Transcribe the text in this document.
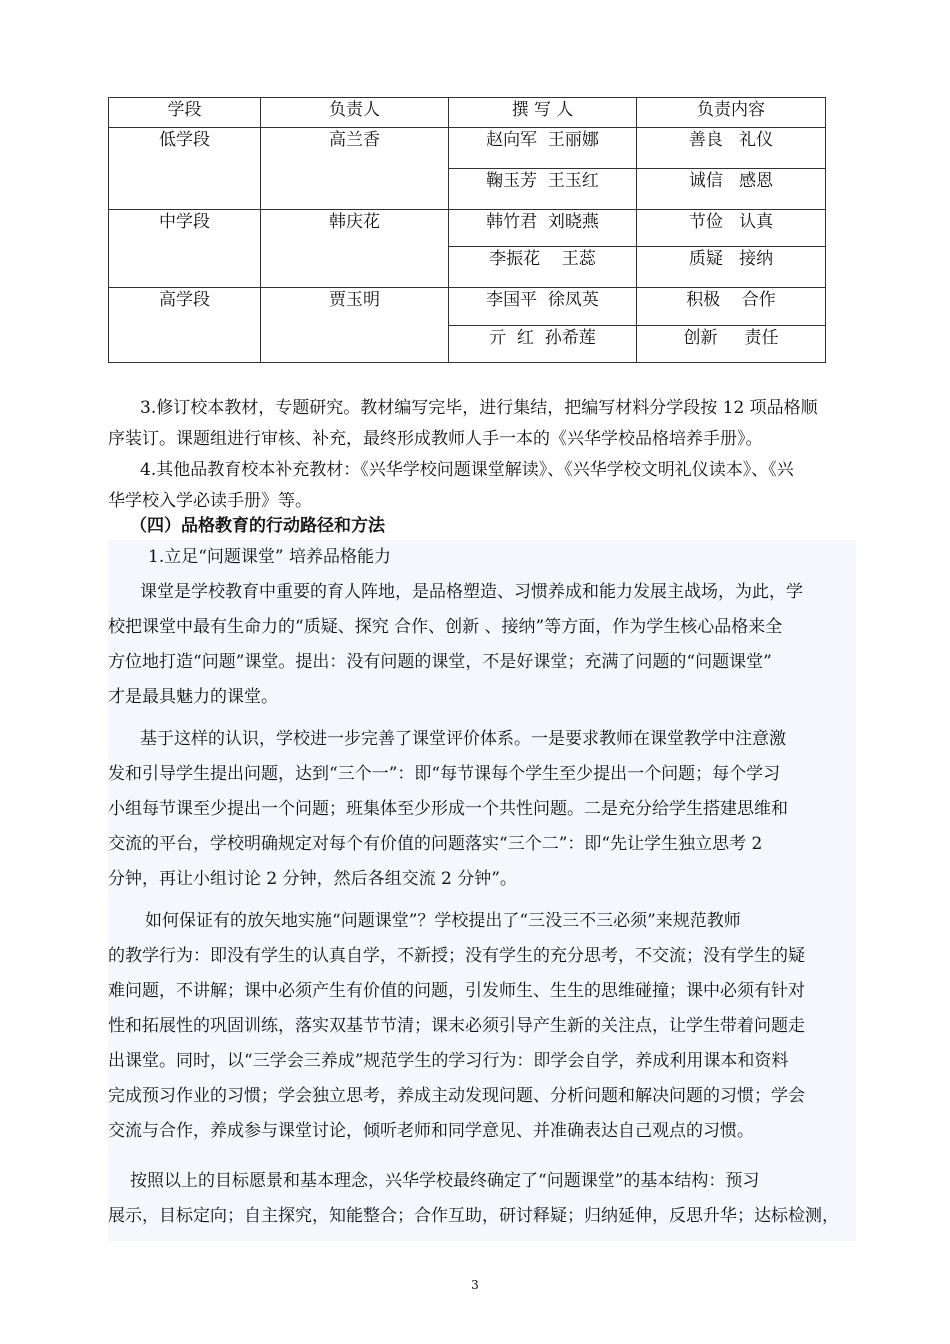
学段	负责人	撰 写 人	负责内容
低学段	高兰香	赵向军  王丽娜	善良   礼仪
		鞠玉芳  王玉红	诚信   感恩
中学段	韩庆花	韩竹君  刘晓燕	节俭   认真
		李振花    王蕊	质疑   接纳
高学段	贾玉明	李国平  徐凤英	积极    合作
		亓  红  孙希莲	创新     责任
3.修订校本教材，专题研究。教材编写完毕，进行集结，把编写材料分学段按 12 项品格顺
序装订。课题组进行审核、补充，最终形成教师人手一本的《兴华学校品格培养手册》。
4.其他品教育校本补充教材：《兴华学校问题课堂解读》、《兴华学校文明礼仪读本》、《兴
华学校入学必读手册》等。
（四）品格教育的行动路径和方法
1.立足“问题课堂” 培养品格能力
课堂是学校教育中重要的育人阵地，是品格塑造、习惯养成和能力发展主战场，为此，学
校把课堂中最有生命力的“质疑、探究 合作、创新 、接纳”等方面，作为学生核心品格来全
方位地打造“问题”课堂。提出：没有问题的课堂，不是好课堂；充满了问题的“问题课堂”
才是最具魅力的课堂。
基于这样的认识，学校进一步完善了课堂评价体系。一是要求教师在课堂教学中注意激
发和引导学生提出问题，达到“三个一”：即“每节课每个学生至少提出一个问题；每个学习
小组每节课至少提出一个问题；班集体至少形成一个共性问题。二是充分给学生搭建思维和
交流的平台，学校明确规定对每个有价值的问题落实“三个二”：即“先让学生独立思考 2
分钟，再让小组讨论 2 分钟，然后各组交流 2 分钟”。
如何保证有的放矢地实施“问题课堂”？学校提出了“三没三不三必须”来规范教师
的教学行为：即没有学生的认真自学，不新授；没有学生的充分思考，不交流；没有学生的疑
难问题，不讲解；课中必须产生有价值的问题，引发师生、生生的思维碰撞；课中必须有针对
性和拓展性的巩固训练，落实双基节节清；课末必须引导产生新的关注点，让学生带着问题走
出课堂。同时，以“三学会三养成”规范学生的学习行为：即学会自学，养成利用课本和资料
完成预习作业的习惯；学会独立思考，养成主动发现问题、分析问题和解决问题的习惯；学会
交流与合作，养成参与课堂讨论，倾听老师和同学意见、并准确表达自己观点的习惯。
按照以上的目标愿景和基本理念，兴华学校最终确定了“问题课堂”的基本结构：预习
展示，目标定向；自主探究，知能整合；合作互助，研讨释疑；归纳延伸，反思升华；达标检测，
3
